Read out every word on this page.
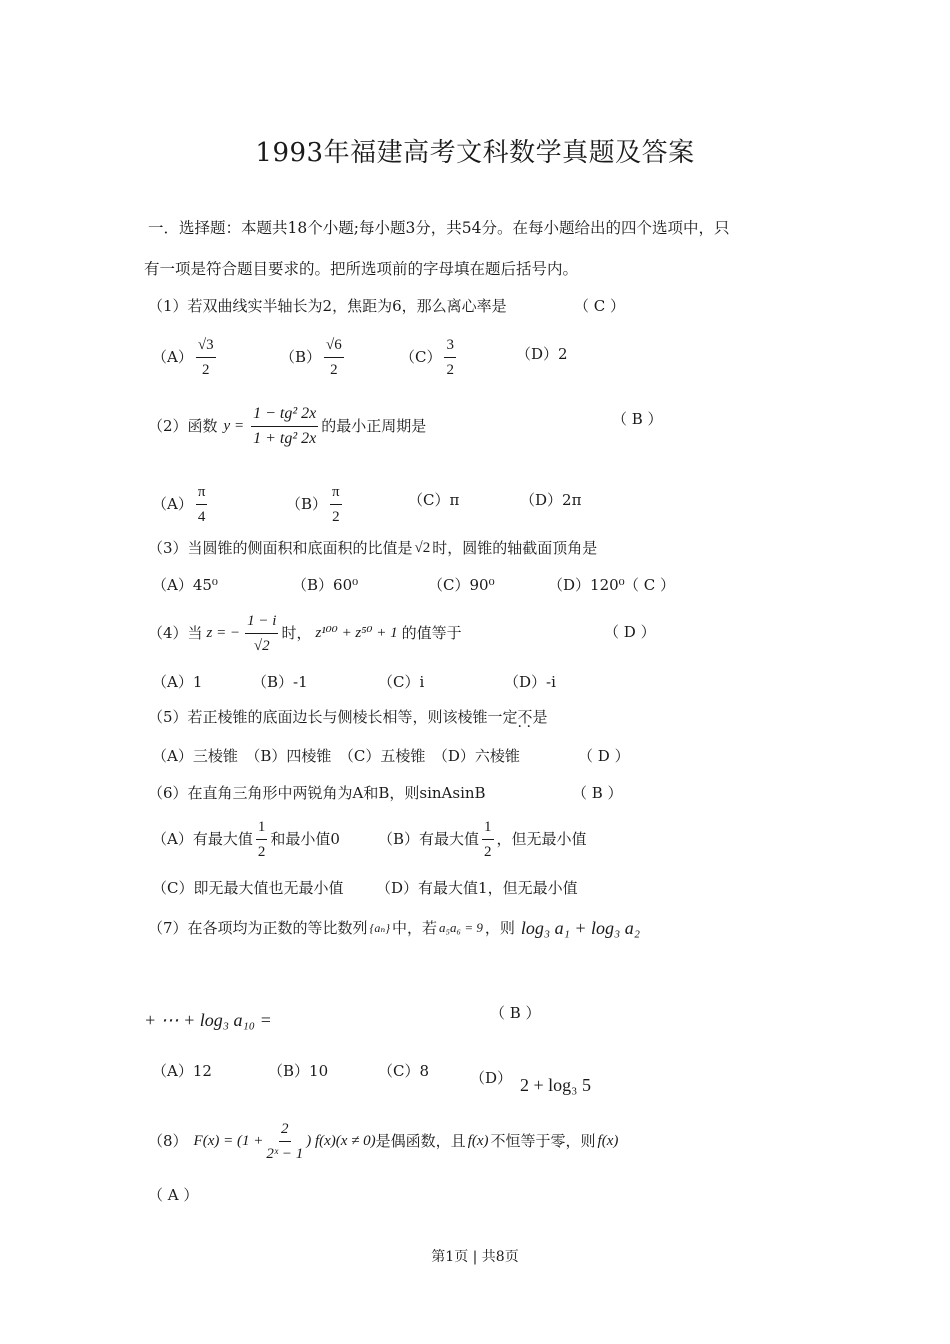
1993年福建高考文科数学真题及答案
一．选择题：本题共18个小题;每小题3分，共54分。在每小题给出的四个选项中，只
有一项是符合题目要求的。把所选项前的字母填在题后括号内。
（1）若双曲线实半轴长为2，焦距为6，那么离心率是	（ C ）
$(A) \frac{√3}{2}$	$(B) \frac{√6}{2}$	$(C) \frac{3}{2}$	（D）2
（2）函数 $y = \frac{\text{1 − tg² 2x}}{\text{1 + tg² 2x}}$ 的最小正周期是	（ B ）
$(A) \frac{\pi}{4}$	$(B) \frac{\pi}{2}$	（C）π	（D）2π
（3）当圆锥的侧面积和底面积的比值是 √2 时，圆锥的轴截面顶角是
（A）45⁰	（B）60⁰	（C）90⁰	（D）120⁰ （ C ）
（4）当 z = − $\frac{1 - i}{√2}$ 时， z¹⁰⁰ + z⁵⁰ + 1 的值等于	（ D ）
（A）1	（B）-1	（C）i	（D）-i
（5）若正棱锥的底面边长与侧棱长相等，则该棱锥一定不是 · ·
（A）三棱锥　（B）四棱锥　（C）五棱锥　（D）六棱锥	（ D ）
（6）在直角三角形中两锐角为A和B，则sinAsinB	（ B ）
（A）有最大值 $\frac{1}{2}$ 和最小值0	（B）有最大值 $\frac{1}{2}$ ，但无最小值
（C）即无最大值也无最小值 （D）有最大值1，但无最小值
（7）在各项均为正数的等比数列 {aₙ} 中，若 a₅a₆ = 9 ，则 log₃ a₁ + log₃ a₂
+ ⋯ + log₃ a₁₀ =	（ B ）
（A）12	（B）10	（C）8	（D） 2 + log₃ 5
（8） $F(x) = (1 + \frac{2}{\text{2ˣ − 1}}$ ) f(x)(x ≠ 0) 是偶函数，且 f(x) 不恒等于零，则 f(x)
（ A ）
第1页 | 共8页
